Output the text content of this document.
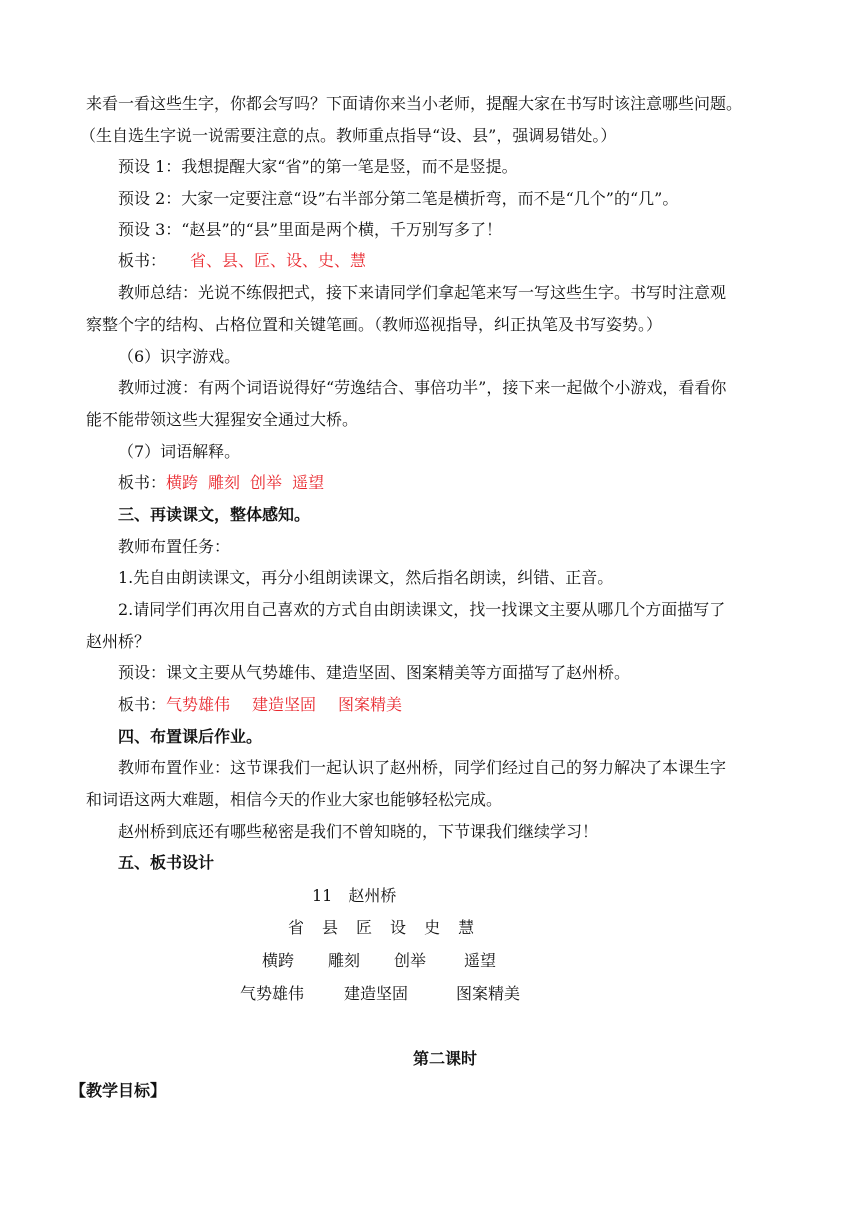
来看一看这些生字，你都会写吗？下面请你来当小老师，提醒大家在书写时该注意哪些问题。
（生自选生字说一说需要注意的点。教师重点指导“设、县”，强调易错处。）
预设 1：我想提醒大家“省”的第一笔是竖，而不是竖提。
预设 2：大家一定要注意“设”右半部分第二笔是横折弯，而不是“几个”的“几”。
预设 3：“赵县”的“县”里面是两个横，千万别写多了！
板书： 省、县、匠、设、史、慧
教师总结：光说不练假把式，接下来请同学们拿起笔来写一写这些生字。书写时注意观
察整个字的结构、占格位置和关键笔画。（教师巡视指导，纠正执笔及书写姿势。）
（6）识字游戏。
教师过渡：有两个词语说得好“劳逸结合、事倍功半”，接下来一起做个小游戏，看看你
能不能带领这些大猩猩安全通过大桥。
（7）词语解释。
板书：横跨 雕刻 创举 遥望
三、再读课文，整体感知。
教师布置任务：
1.先自由朗读课文，再分小组朗读课文，然后指名朗读，纠错、正音。
2.请同学们再次用自己喜欢的方式自由朗读课文，找一找课文主要从哪几个方面描写了
赵州桥？
预设：课文主要从气势雄伟、建造坚固、图案精美等方面描写了赵州桥。
板书：气势雄伟 建造坚固 图案精美
四、布置课后作业。
教师布置作业：这节课我们一起认识了赵州桥，同学们经过自己的努力解决了本课生字
和词语这两大难题，相信今天的作业大家也能够轻松完成。
赵州桥到底还有哪些秘密是我们不曾知晓的，下节课我们继续学习！
五、板书设计
11　赵州桥
省 县 匠 设 史 慧
横跨 雕刻 创举 遥望
气势雄伟	建造坚固	图案精美
第二课时
【教学目标】
